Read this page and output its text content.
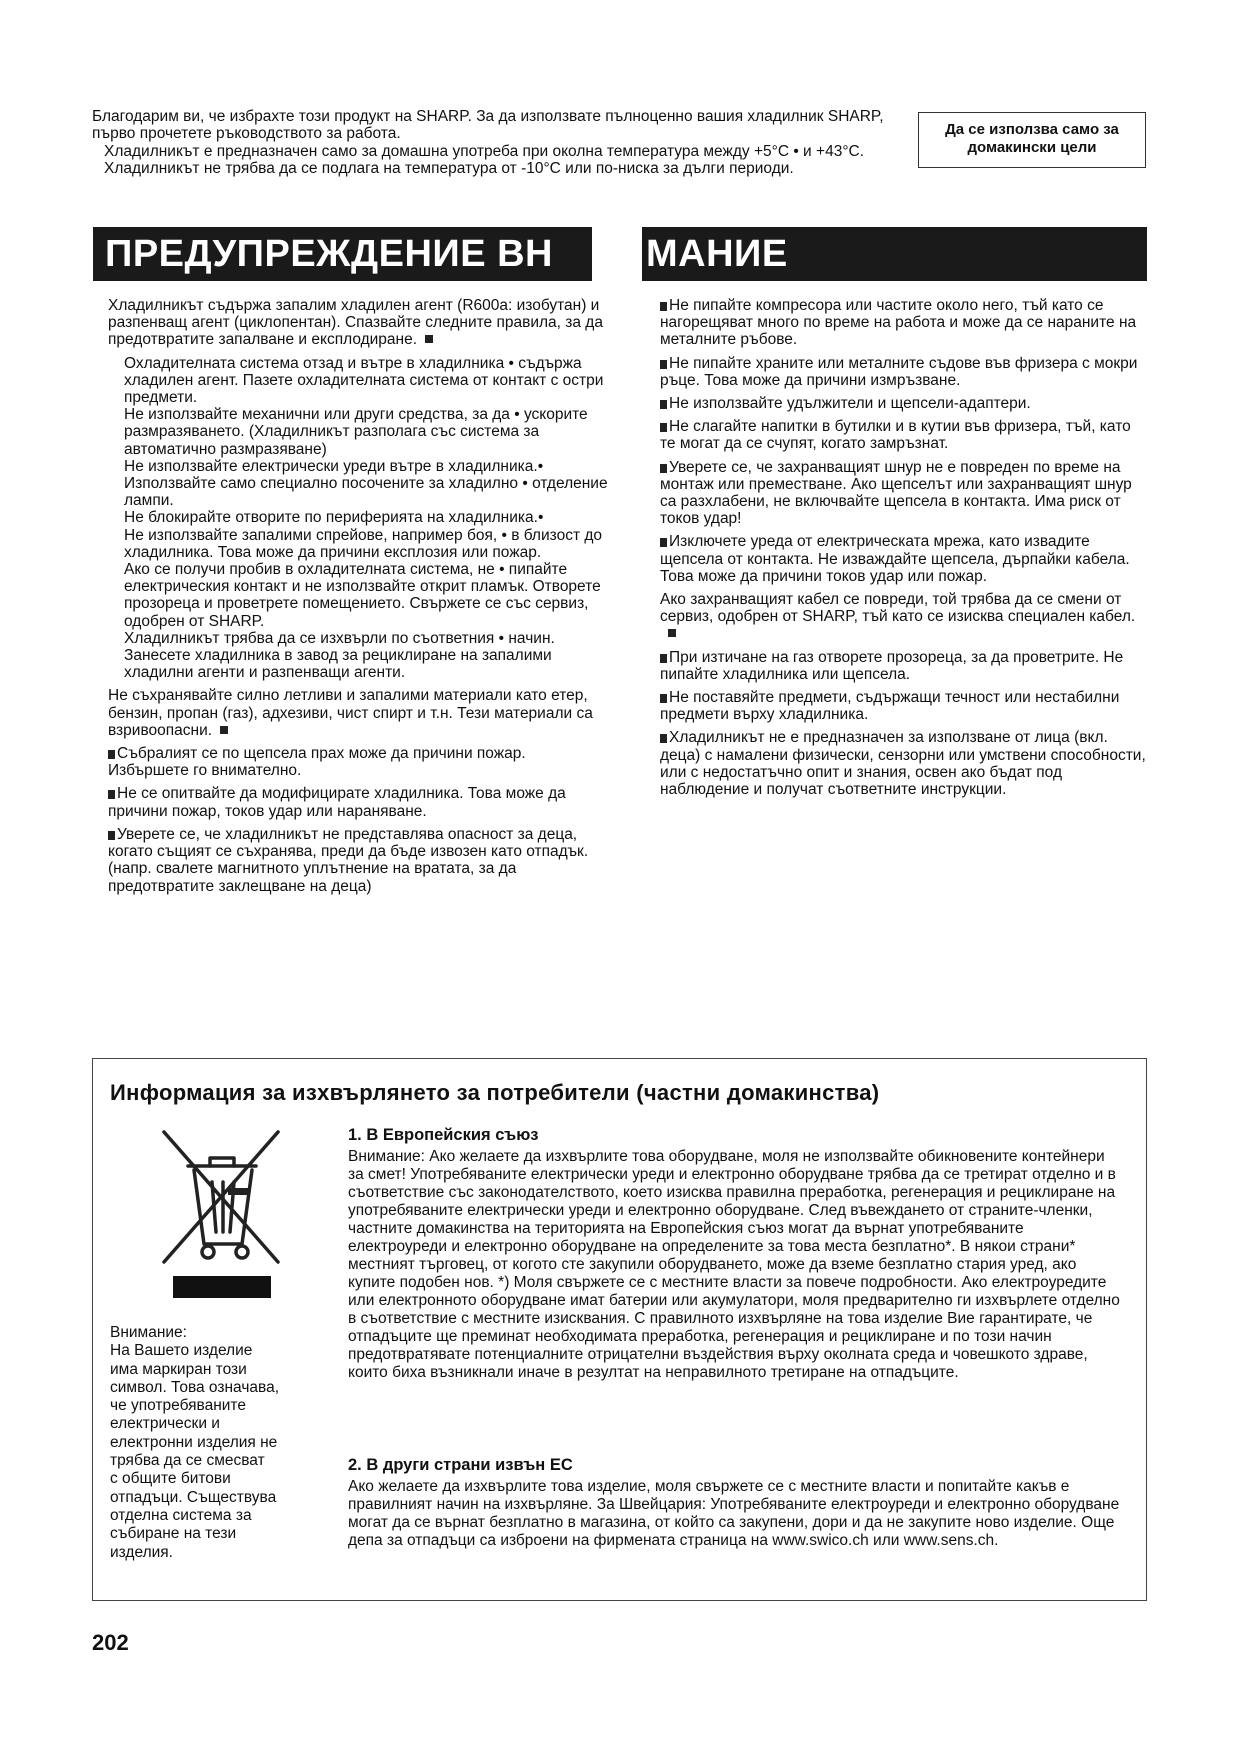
Благодарим ви, че избрахте този продукт на SHARP. За да използвате пълноценно вашия хладилник SHARP, първо прочетете ръководството за работа.

Хладилникът е предназначен само за домашна употреба при околна температура между +5°C • и +43°C. Хладилникът не трябва да се подлага на температура от -10°C или по-ниска за дълги периоди.

Да се използва само за
домакински цели
ПРЕДУПРЕЖДЕНИЕ ВН	МАНИЕ

Хладилникът съдържа запалим хладилен агент (R600a: изобутан) и разпенващ агент (циклопентан). Спазвайте следните правила, за да предотвратите запалване и експлодиране.

Охладителната система отзад и вътре в хладилника • съдържа хладилен агент. Пазете охладителната система от контакт с остри предмети.

Не използвайте механични или други средства, за да • ускорите размразяването. (Хладилникът разполага със система за автоматично размразяване)

Не използвайте електрически уреди вътре в хладилника.• Използвайте само специално посочените за хладилно • отделение лампи.

Не блокирайте отворите по периферията на хладилника.•

Не използвайте запалими спрейове, например боя, • в близост до хладилника. Това може да причини експлозия или пожар.

Ако се получи пробив в охладителната система, не • пипайте електрическия контакт и не използвайте открит пламък. Отворете прозореца и проветрете помещението. Свържете се със сервиз, одобрен от SHARP.

Хладилникът трябва да се изхвърли по съответния • начин. Занесете хладилника в завод за рециклиране на запалими хладилни агенти и разпенващи агенти.

Не съхранявайте силно летливи и запалими материали като етер, бензин, пропан (газ), адхезиви, чист спирт и т.н. Тези материали са взривоопасни.

Събралият се по щепсела прах може да причини пожар. Избършете го внимателно.

Не се опитвайте да модифицирате хладилника. Това може да причини пожар, токов удар или нараняване.

Уверете се, че хладилникът не представлява опасност за деца, когато същият се съхранява, преди да бъде извозен като отпадък. (напр. свалете магнитното уплътнение на вратата, за да предотвратите заклещване на деца)

Не пипайте компресора или частите около него, тъй като се нагорещяват много по време на работа и може да се нараните на металните ръбове.

Не пипайте храните или металните съдове във фризера с мокри ръце. Това може да причини измръзване.

Не използвайте удължители и щепсели-адаптери.

Не слагайте напитки в бутилки и в кутии във фризера, тъй, като те могат да се счупят, когато замръзнат.

Уверете се, че захранващият шнур не е повреден по време на монтаж или преместване. Ако щепселът или захранващият шнур са разхлабени, не включвайте щепсела в контакта. Има риск от токов удар!

Изключете уреда от електрическата мрежа, като извадите щепсела от контакта. Не изваждайте щепсела, дърпайки кабела. Това може да причини токов удар или пожар.

Ако захранващият кабел се повреди, той трябва да се смени от сервиз, одобрен от SHARP, тъй като се изисква специален кабел.

При изтичане на газ отворете прозореца, за да проветрите. Не пипайте хладилника или щепсела.

Не поставяйте предмети, съдържащи течност или нестабилни предмети върху хладилника.

Хладилникът не е предназначен за използване от лица (вкл. деца) с намалени физически, сензорни или умствени способности, или с недостатъчно опит и знания, освен ако бъдат под наблюдение и получат съответните инструкции.

Информация за изхвърлянето за потребители (частни домакинства)
Внимание:
На Вашето изделие
има маркиран този
символ. Това означава,
че употребяваните
електрически и
електронни изделия не
трябва да се смесват
с общите битови
отпадъци. Съществува
отделна система за
събиране на тези
изделия.
1. В Европейския съюз

Внимание: Ако желаете да изхвърлите това оборудване, моля не използвайте обикновените контейнери за смет! Употребяваните електрически уреди и електронно оборудване трябва да се третират отделно и в съответствие със законодателството, което изисква правилна преработка, регенерация и рециклиране на употребяваните електрически уреди и електронно оборудване. След въвеждането от страните-членки, частните домакинства на територията на Европейския съюз могат да върнат употребяваните електроуреди и електронно оборудване на определените за това места безплатно*. В някои страни* местният търговец, от когото сте закупили оборудването, може да вземе безплатно стария уред, ако купите подобен нов. *) Моля свържете се с местните власти за повече подробности. Ако електроуредите или електронното оборудване имат батерии или акумулатори, моля предварително ги изхвърлете отделно в съответствие с местните изисквания. С правилното изхвърляне на това изделие Вие гарантирате, че отпадъците ще преминат необходимата преработка, регенерация и рециклиране и по този начин предотвратявате потенциалните отрицателни въздействия върху околната среда и човешкото здраве, които биха възникнали иначе в резултат на неправилното третиране на отпадъците.

2. В други страни извън ЕС

Ако желаете да изхвърлите това изделие, моля свържете се с местните власти и попитайте какъв е правилният начин на изхвърляне. За Швейцария: Употребяваните електроуреди и електронно оборудване могат да се върнат безплатно в магазина, от който са закупени, дори и да не закупите ново изделие. Още депа за отпадъци са изброени на фирмената страница на www.swico.ch или www.sens.ch.

202
